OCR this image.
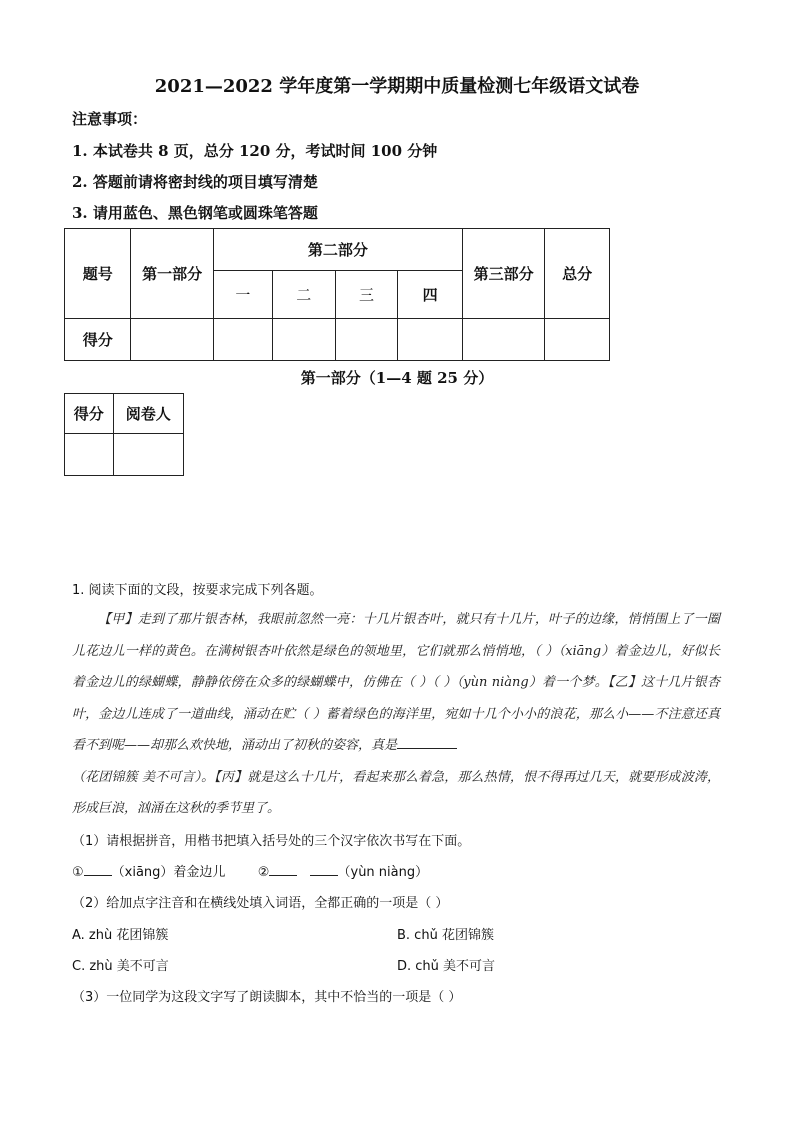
2021—2022 学年度第一学期期中质量检测七年级语文试卷
注意事项：
1. 本试卷共 8 页，总分 120 分，考试时间 100 分钟
2. 答题前请将密封线的项目填写清楚
3. 请用蓝色、黑色钢笔或圆珠笔答题
题号	第一部分	第二部分				第三部分	总分
		一	二	三	四		
得分							
第一部分（1—4 题 25 分）
得分	阅卷人

1. 阅读下面的文段，按要求完成下列各题。

【甲】走到了那片银杏林，我眼前忽然一亮：十几片银杏叶，就只有十几片，叶子的边缘，悄悄围上了一圈儿花边儿一样的黄色。在满树银杏叶依然是绿色的领地里，它们就那么悄悄地，（ ）（xiāng）着金边儿，好似长着金边儿的绿蝴蝶，静静依傍在众多的绿蝴蝶中，仿佛在（ ）（ ）（yùn niàng）着一个梦。【乙】这十几片银杏叶，金边儿连成了一道曲线，涌动在贮（ ）蓄着绿色的海洋里，宛如十几个小小的浪花，那么小——不注意还真看不到呢——却那么欢快地，涌动出了初秋的姿容，真是

（花团锦簇 美不可言）。【丙】就是这么十几片，看起来那么着急，那么热情，恨不得再过几天，就要形成波涛，形成巨浪，汹涌在这秋的季节里了。

（1）请根据拼音，用楷书把填入括号处的三个汉字依次书写在下面。
① （xiāng）着金边儿 ②	（yùn niàng）
（2）给加点字注音和在横线处填入词语，全都正确的一项是（ ）
A. zhù 花团锦簇	B. chǔ 花团锦簇
C. zhù 美不可言	D. chǔ 美不可言
（3）一位同学为这段文字写了朗读脚本，其中不恰当的一项是（ ）
